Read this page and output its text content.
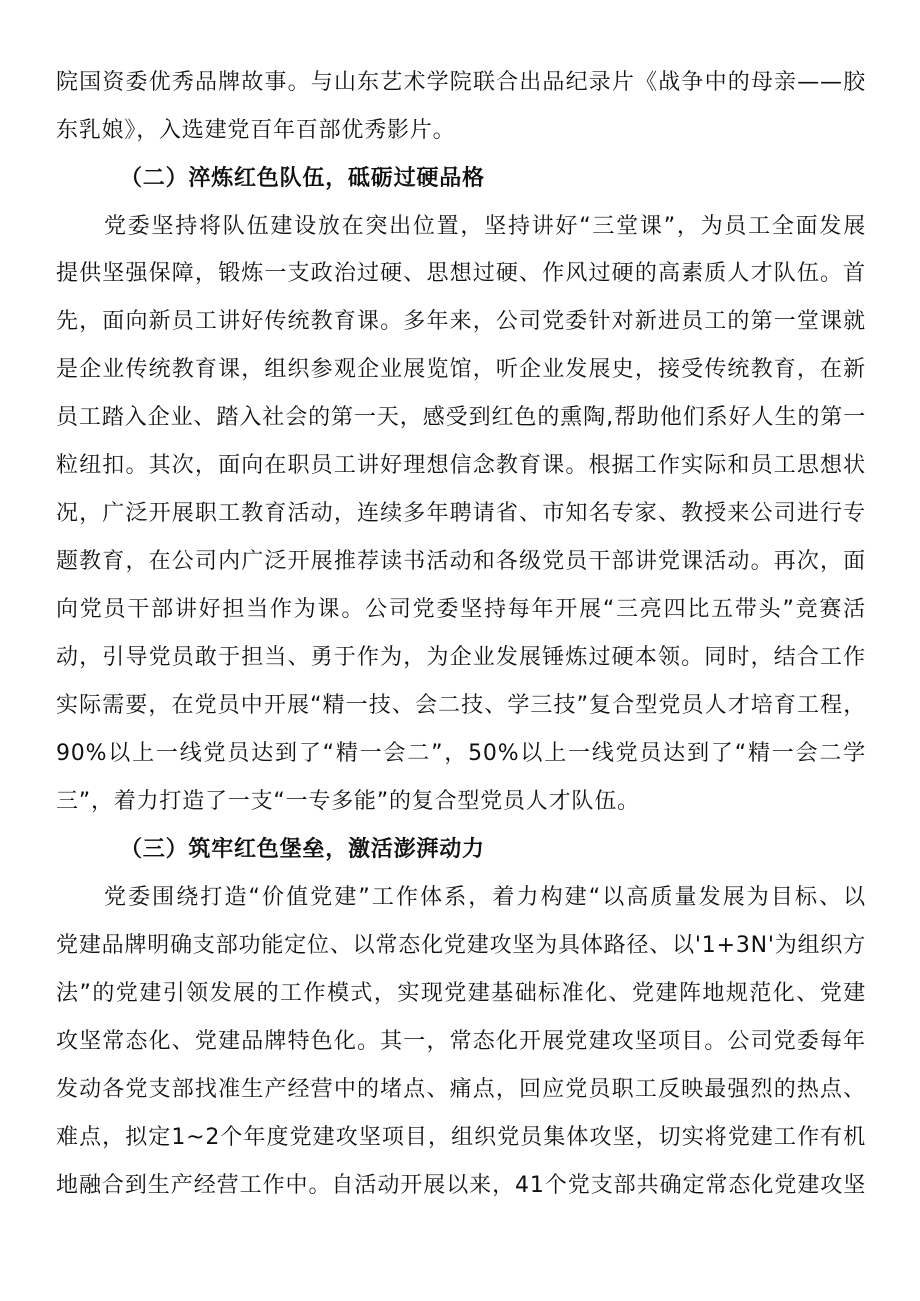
院国资委优秀品牌故事。与山东艺术学院联合出品纪录片《战争中的母亲——胶
东乳娘》，入选建党百年百部优秀影片。
（二）淬炼红色队伍，砥砺过硬品格
党委坚持将队伍建设放在突出位置，坚持讲好“三堂课”，为员工全面发展
提供坚强保障，锻炼一支政治过硬、思想过硬、作风过硬的高素质人才队伍。首
先，面向新员工讲好传统教育课。多年来，公司党委针对新进员工的第一堂课就
是企业传统教育课，组织参观企业展览馆，听企业发展史，接受传统教育，在新
员工踏入企业、踏入社会的第一天，感受到红色的熏陶,帮助他们系好人生的第一
粒纽扣。其次，面向在职员工讲好理想信念教育课。根据工作实际和员工思想状
况，广泛开展职工教育活动，连续多年聘请省、市知名专家、教授来公司进行专
题教育，在公司内广泛开展推荐读书活动和各级党员干部讲党课活动。再次，面
向党员干部讲好担当作为课。公司党委坚持每年开展“三亮四比五带头”竞赛活
动，引导党员敢于担当、勇于作为，为企业发展锤炼过硬本领。同时，结合工作
实际需要，在党员中开展“精一技、会二技、学三技”复合型党员人才培育工程，
90%以上一线党员达到了“精一会二”，50%以上一线党员达到了“精一会二学
三”，着力打造了一支“一专多能”的复合型党员人才队伍。
（三）筑牢红色堡垒，激活澎湃动力
党委围绕打造“价值党建”工作体系，着力构建“以高质量发展为目标、以
党建品牌明确支部功能定位、以常态化党建攻坚为具体路径、以'1+3N'为组织方
法”的党建引领发展的工作模式，实现党建基础标准化、党建阵地规范化、党建
攻坚常态化、党建品牌特色化。其一，常态化开展党建攻坚项目。公司党委每年
发动各党支部找准生产经营中的堵点、痛点，回应党员职工反映最强烈的热点、
难点，拟定1~2个年度党建攻坚项目，组织党员集体攻坚，切实将党建工作有机
地融合到生产经营工作中。自活动开展以来，41个党支部共确定常态化党建攻坚
